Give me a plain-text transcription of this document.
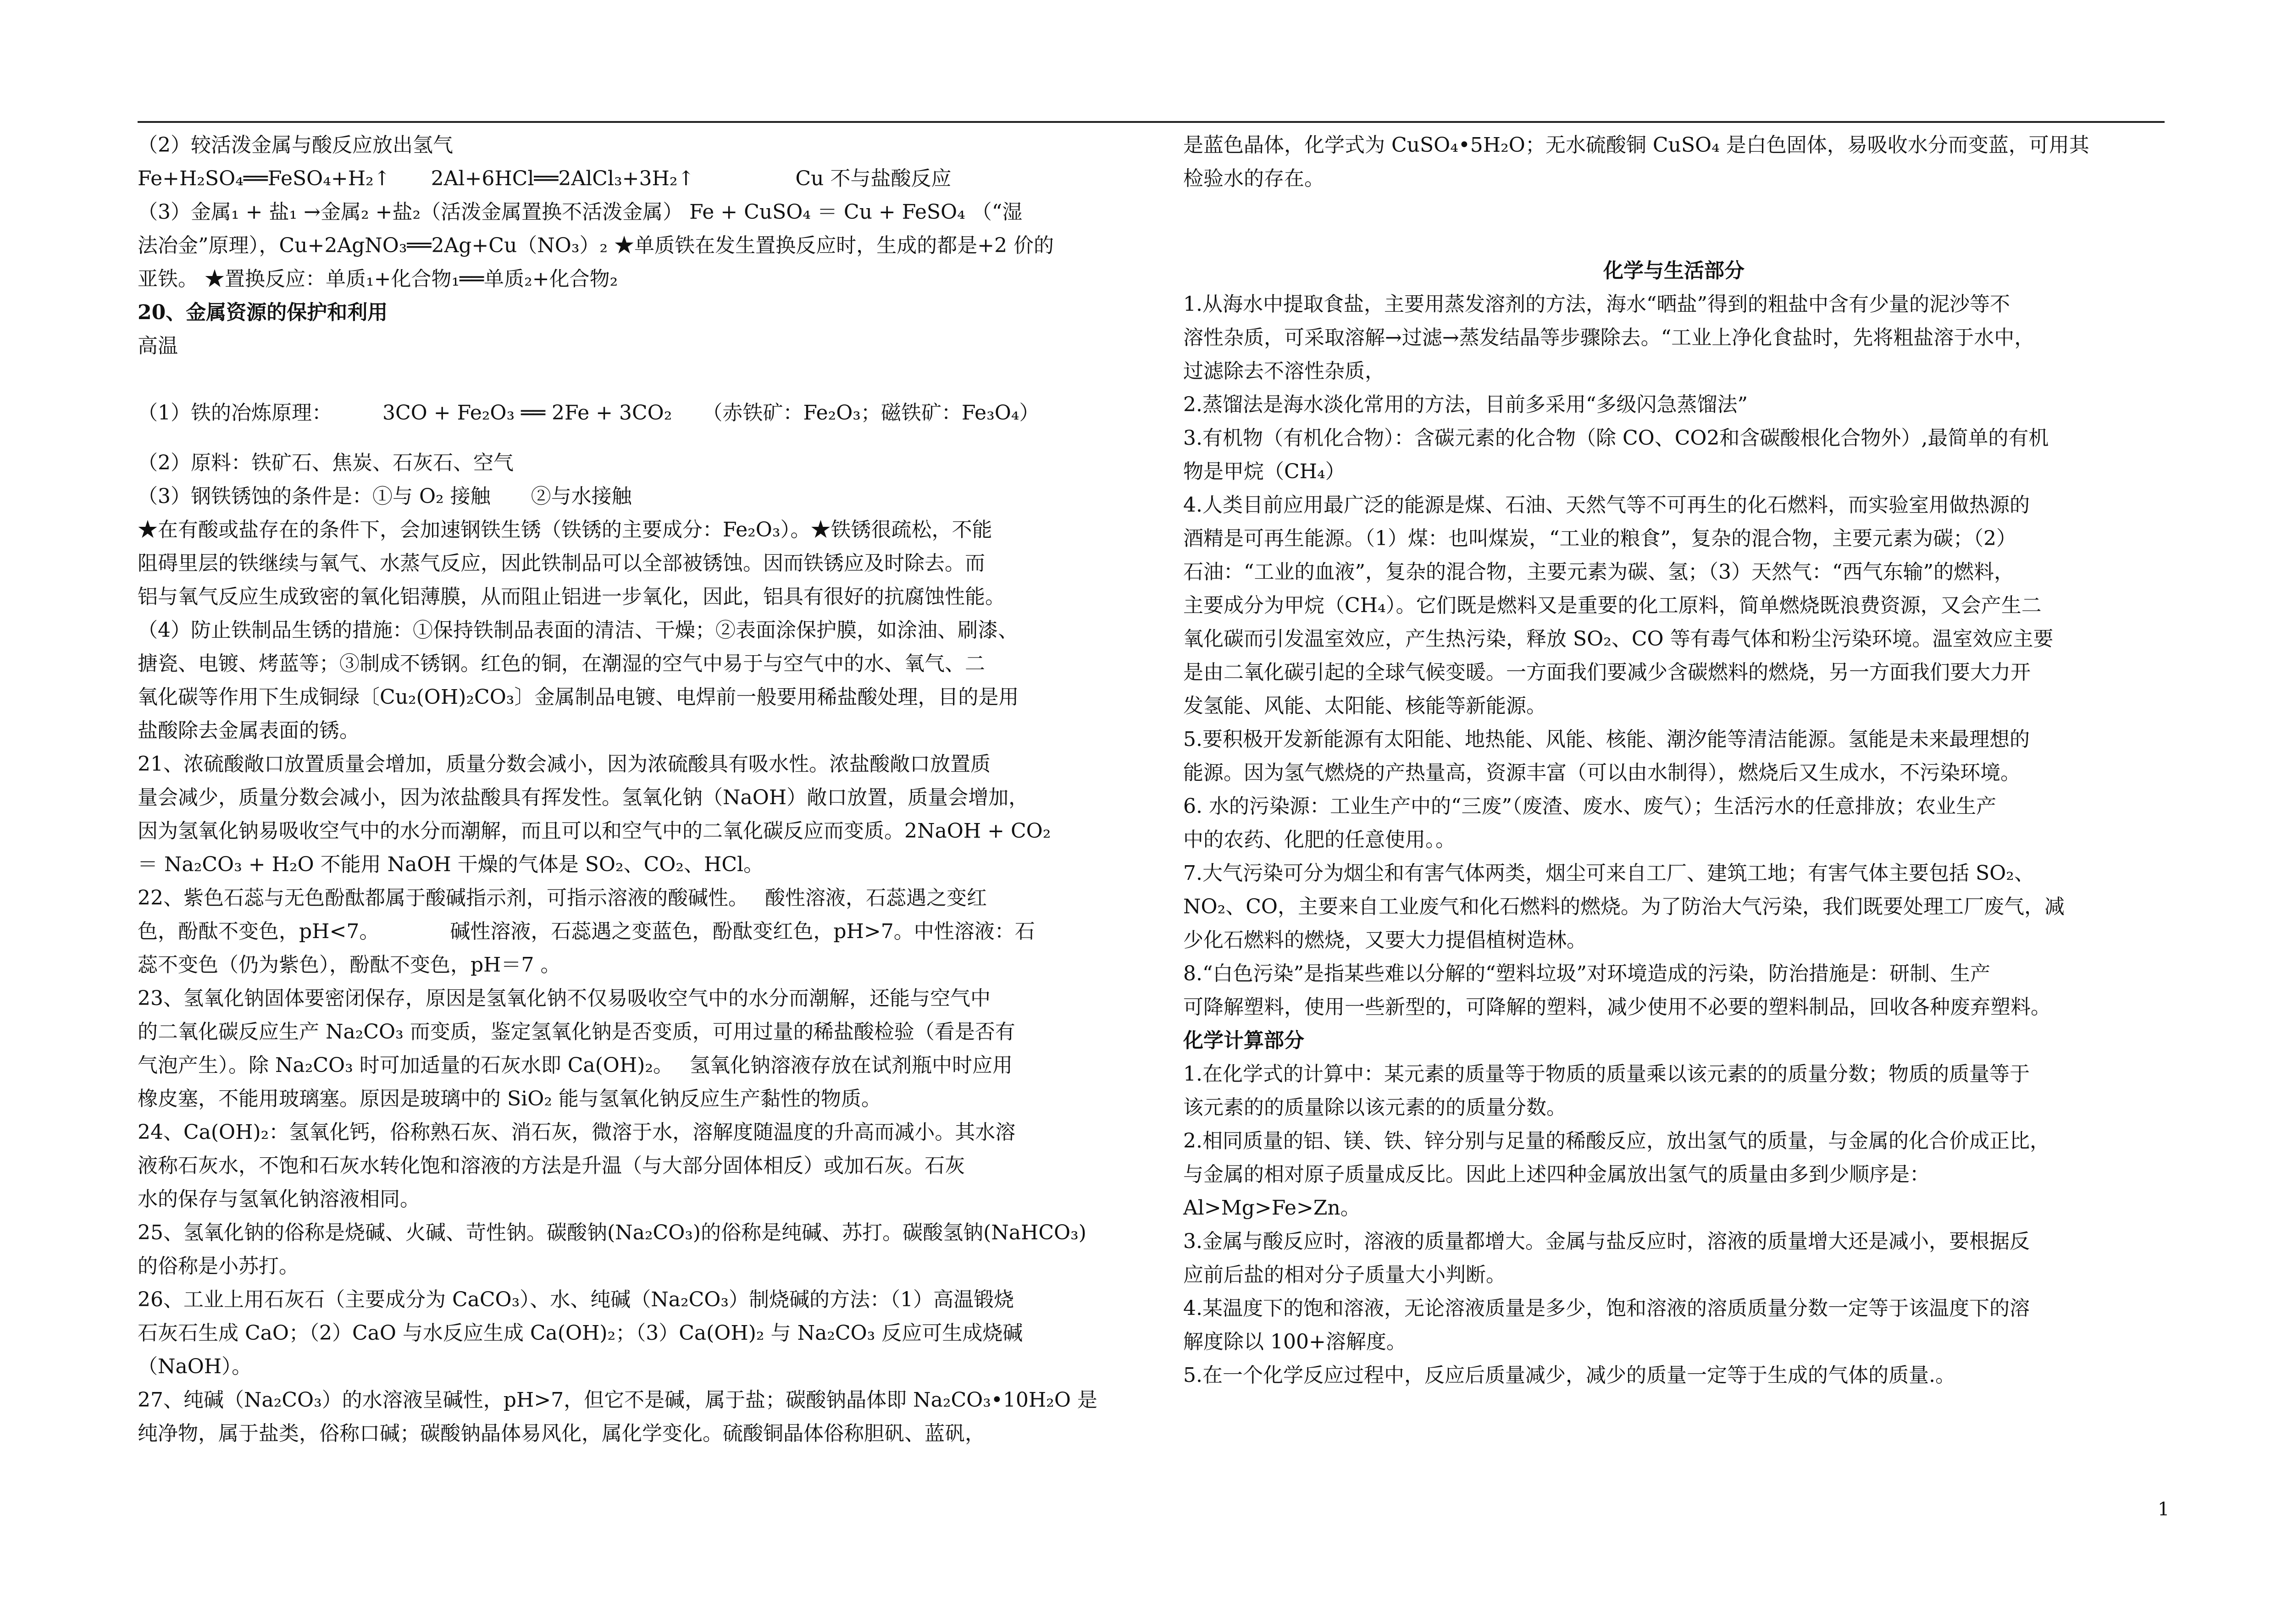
（2）较活泼金属与酸反应放出氢气
Fe+H₂SO₄══FeSO₄+H₂↑　　2Al+6HCl══2AlCl₃+3H₂↑　　　　　Cu 不与盐酸反应
（3）金属₁ + 盐₁ →金属₂ +盐₂（活泼金属置换不活泼金属） Fe + CuSO₄ ＝ Cu + FeSO₄ （“湿
法冶金”原理），Cu+2AgNO₃══2Ag+Cu（NO₃）₂ ★单质铁在发生置换反应时，生成的都是+2 价的
亚铁。 ★置换反应：单质₁+化合物₁══单质₂+化合物₂
20、金属资源的保护和利用
高温
（1）铁的冶炼原理：　　　3CO + Fe₂O₃ ══ 2Fe + 3CO₂　　（赤铁矿：Fe₂O₃；磁铁矿：Fe₃O₄）
（2）原料：铁矿石、焦炭、石灰石、空气
（3）钢铁锈蚀的条件是：①与 O₂ 接触　　②与水接触
★在有酸或盐存在的条件下，会加速钢铁生锈（铁锈的主要成分：Fe₂O₃）。★铁锈很疏松，不能
阻碍里层的铁继续与氧气、水蒸气反应，因此铁制品可以全部被锈蚀。因而铁锈应及时除去。而
铝与氧气反应生成致密的氧化铝薄膜，从而阻止铝进一步氧化，因此，铝具有很好的抗腐蚀性能。
（4）防止铁制品生锈的措施：①保持铁制品表面的清洁、干燥；②表面涂保护膜，如涂油、刷漆、
搪瓷、电镀、烤蓝等；③制成不锈钢。红色的铜，在潮湿的空气中易于与空气中的水、氧气、二
氧化碳等作用下生成铜绿〔Cu₂(OH)₂CO₃〕金属制品电镀、电焊前一般要用稀盐酸处理，目的是用
盐酸除去金属表面的锈。
21、浓硫酸敞口放置质量会增加，质量分数会减小，因为浓硫酸具有吸水性。浓盐酸敞口放置质
量会减少，质量分数会减小，因为浓盐酸具有挥发性。氢氧化钠（NaOH）敞口放置，质量会增加，
因为氢氧化钠易吸收空气中的水分而潮解，而且可以和空气中的二氧化碳反应而变质。2NaOH + CO₂
＝ Na₂CO₃ + H₂O 不能用 NaOH 干燥的气体是 SO₂、CO₂、HCl。
22、紫色石蕊与无色酚酞都属于酸碱指示剂，可指示溶液的酸碱性。　 酸性溶液，石蕊遇之变红
色，酚酞不变色，pH<7。　　　　碱性溶液，石蕊遇之变蓝色，酚酞变红色，pH>7。中性溶液：石
蕊不变色（仍为紫色），酚酞不变色，pH＝7 。
23、氢氧化钠固体要密闭保存，原因是氢氧化钠不仅易吸收空气中的水分而潮解，还能与空气中
的二氧化碳反应生产 Na₂CO₃ 而变质，鉴定氢氧化钠是否变质，可用过量的稀盐酸检验（看是否有
气泡产生）。除 Na₂CO₃ 时可加适量的石灰水即 Ca(OH)₂。　 氢氧化钠溶液存放在试剂瓶中时应用
橡皮塞，不能用玻璃塞。原因是玻璃中的 SiO₂ 能与氢氧化钠反应生产黏性的物质。
24、Ca(OH)₂：氢氧化钙，俗称熟石灰、消石灰，微溶于水，溶解度随温度的升高而减小。其水溶
液称石灰水，不饱和石灰水转化饱和溶液的方法是升温（与大部分固体相反）或加石灰。石灰
水的保存与氢氧化钠溶液相同。
25、氢氧化钠的俗称是烧碱、火碱、苛性钠。碳酸钠(Na₂CO₃)的俗称是纯碱、苏打。碳酸氢钠(NaHCO₃)
的俗称是小苏打。
26、工业上用石灰石（主要成分为 CaCO₃）、水、纯碱（Na₂CO₃）制烧碱的方法：（1）高温锻烧
石灰石生成 CaO；（2）CaO 与水反应生成 Ca(OH)₂；（3）Ca(OH)₂ 与 Na₂CO₃ 反应可生成烧碱
（NaOH）。
27、纯碱（Na₂CO₃）的水溶液呈碱性，pH>7，但它不是碱，属于盐；碳酸钠晶体即 Na₂CO₃•10H₂O 是
纯净物，属于盐类，俗称口碱；碳酸钠晶体易风化，属化学变化。硫酸铜晶体俗称胆矾、蓝矾，
是蓝色晶体，化学式为 CuSO₄•5H₂O；无水硫酸铜 CuSO₄ 是白色固体，易吸收水分而变蓝，可用其
检验水的存在。
化学与生活部分
1.从海水中提取食盐，主要用蒸发溶剂的方法，海水“晒盐”得到的粗盐中含有少量的泥沙等不
溶性杂质，可采取溶解→过滤→蒸发结晶等步骤除去。“工业上净化食盐时，先将粗盐溶于水中，
过滤除去不溶性杂质，
2.蒸馏法是海水淡化常用的方法，目前多采用“多级闪急蒸馏法”
3.有机物（有机化合物）：含碳元素的化合物（除 CO、CO2和含碳酸根化合物外）,最简单的有机
物是甲烷（CH₄）
4.人类目前应用最广泛的能源是煤、石油、天然气等不可再生的化石燃料，而实验室用做热源的
酒精是可再生能源。（1）煤：也叫煤炭，“工业的粮食”，复杂的混合物，主要元素为碳；（2）
石油：“工业的血液”，复杂的混合物，主要元素为碳、氢；（3）天然气：“西气东输”的燃料，
主要成分为甲烷（CH₄）。它们既是燃料又是重要的化工原料，简单燃烧既浪费资源，又会产生二
氧化碳而引发温室效应，产生热污染，释放 SO₂、CO 等有毒气体和粉尘污染环境。温室效应主要
是由二氧化碳引起的全球气候变暖。一方面我们要减少含碳燃料的燃烧，另一方面我们要大力开
发氢能、风能、太阳能、核能等新能源。
5.要积极开发新能源有太阳能、地热能、风能、核能、潮汐能等清洁能源。氢能是未来最理想的
能源。因为氢气燃烧的产热量高，资源丰富（可以由水制得），燃烧后又生成水，不污染环境。
6. 水的污染源：工业生产中的“三废”（废渣、废水、废气）；生活污水的任意排放；农业生产
中的农药、化肥的任意使用。。
7.大气污染可分为烟尘和有害气体两类，烟尘可来自工厂、建筑工地；有害气体主要包括 SO₂、
NO₂、CO，主要来自工业废气和化石燃料的燃烧。为了防治大气污染，我们既要处理工厂废气，减
少化石燃料的燃烧，又要大力提倡植树造林。
8.“白色污染”是指某些难以分解的“塑料垃圾”对环境造成的污染，防治措施是：研制、生产
可降解塑料，使用一些新型的，可降解的塑料，减少使用不必要的塑料制品，回收各种废弃塑料。
化学计算部分
1.在化学式的计算中：某元素的质量等于物质的质量乘以该元素的的质量分数；物质的质量等于
该元素的的质量除以该元素的的质量分数。
2.相同质量的铝、镁、铁、锌分别与足量的稀酸反应，放出氢气的质量，与金属的化合价成正比，
与金属的相对原子质量成反比。因此上述四种金属放出氢气的质量由多到少顺序是：
Al>Mg>Fe>Zn。
3.金属与酸反应时，溶液的质量都增大。金属与盐反应时，溶液的质量增大还是减小，要根据反
应前后盐的相对分子质量大小判断。
4.某温度下的饱和溶液，无论溶液质量是多少，饱和溶液的溶质质量分数一定等于该温度下的溶
解度除以 100+溶解度。
5.在一个化学反应过程中，反应后质量减少，减少的质量一定等于生成的气体的质量.。
1
